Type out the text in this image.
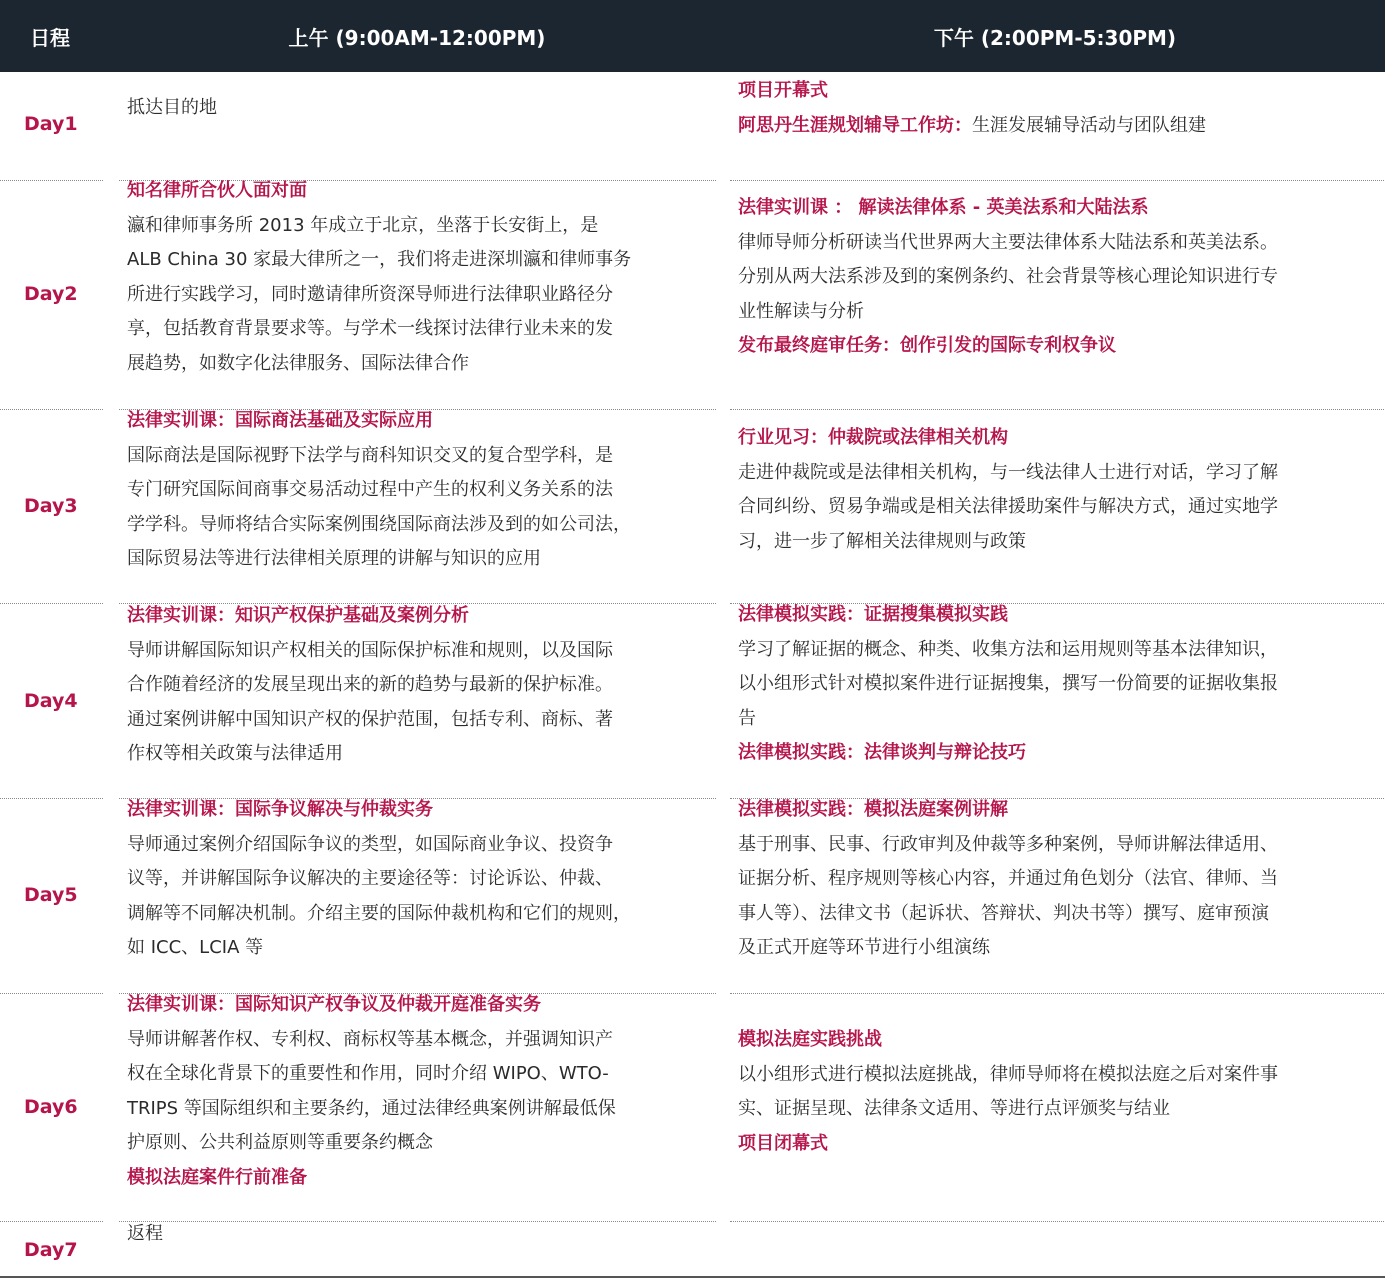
日程	上午 (9:00AM-12:00PM)	下午 (2:00PM-5:30PM)
Day1
抵达目的地
项目开幕式
阿思丹生涯规划辅导工作坊：生涯发展辅导活动与团队组建
Day2
知名律所合伙人面对面
瀛和律师事务所 2013 年成立于北京，坐落于长安街上，是
ALB China 30 家最大律所之一，我们将走进深圳瀛和律师事务
所进行实践学习，同时邀请律所资深导师进行法律职业路径分
享，包括教育背景要求等。与学术一线探讨法律行业未来的发
展趋势，如数字化法律服务、国际法律合作
法律实训课 ： 解读法律体系 - 英美法系和大陆法系
律师导师分析研读当代世界两大主要法律体系大陆法系和英美法系。
分别从两大法系涉及到的案例条约、社会背景等核心理论知识进行专
业性解读与分析
发布最终庭审任务：创作引发的国际专利权争议
Day3
法律实训课：国际商法基础及实际应用
国际商法是国际视野下法学与商科知识交叉的复合型学科，是
专门研究国际间商事交易活动过程中产生的权利义务关系的法
学学科。导师将结合实际案例围绕国际商法涉及到的如公司法，
国际贸易法等进行法律相关原理的讲解与知识的应用
行业见习：仲裁院或法律相关机构
走进仲裁院或是法律相关机构，与一线法律人士进行对话，学习了解
合同纠纷、贸易争端或是相关法律援助案件与解决方式，通过实地学
习，进一步了解相关法律规则与政策
Day4
法律实训课：知识产权保护基础及案例分析
导师讲解国际知识产权相关的国际保护标准和规则，以及国际
合作随着经济的发展呈现出来的新的趋势与最新的保护标准。
通过案例讲解中国知识产权的保护范围，包括专利、商标、著
作权等相关政策与法律适用
法律模拟实践：证据搜集模拟实践
学习了解证据的概念、种类、收集方法和运用规则等基本法律知识，
以小组形式针对模拟案件进行证据搜集，撰写一份简要的证据收集报
告
法律模拟实践：法律谈判与辩论技巧
Day5
法律实训课：国际争议解决与仲裁实务
导师通过案例介绍国际争议的类型，如国际商业争议、投资争
议等，并讲解国际争议解决的主要途径等：讨论诉讼、仲裁、
调解等不同解决机制。介绍主要的国际仲裁机构和它们的规则，
如 ICC、LCIA 等
法律模拟实践：模拟法庭案例讲解
基于刑事、民事、行政审判及仲裁等多种案例，导师讲解法律适用、
证据分析、程序规则等核心内容，并通过角色划分（法官、律师、当
事人等）、法律文书（起诉状、答辩状、判决书等）撰写、庭审预演
及正式开庭等环节进行小组演练
Day6
法律实训课：国际知识产权争议及仲裁开庭准备实务
导师讲解著作权、专利权、商标权等基本概念，并强调知识产
权在全球化背景下的重要性和作用，同时介绍 WIPO、WTO-
TRIPS 等国际组织和主要条约，通过法律经典案例讲解最低保
护原则、公共利益原则等重要条约概念
模拟法庭案件行前准备
模拟法庭实践挑战
以小组形式进行模拟法庭挑战，律师导师将在模拟法庭之后对案件事
实、证据呈现、法律条文适用、等进行点评颁奖与结业
项目闭幕式
Day7
返程
